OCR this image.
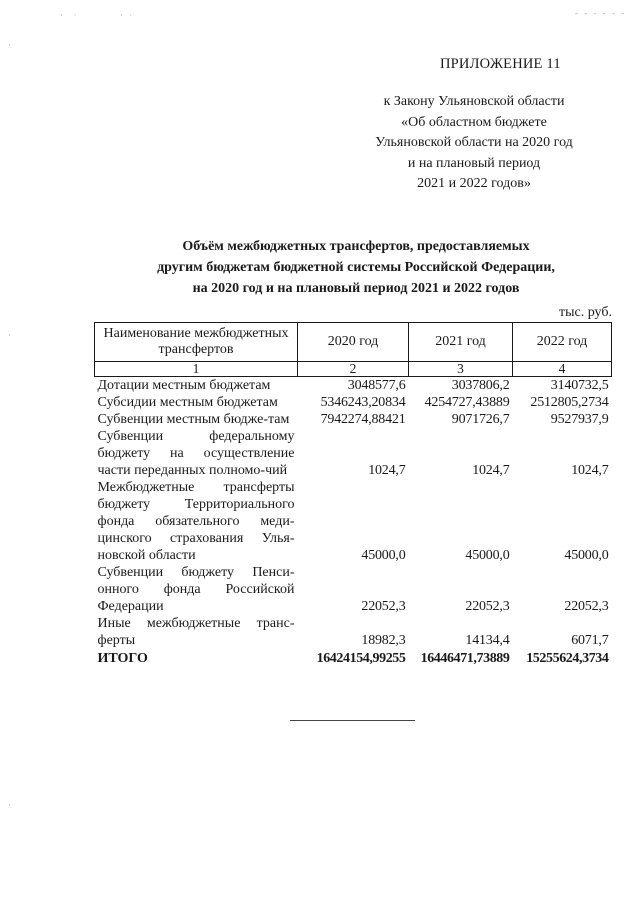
·  ·	· ·	- - - - - -
ПРИЛОЖЕНИЕ 11
к Закону Ульяновской области
«Об областном бюджете
Ульяновской области на 2020 год
и на плановый период
2021 и 2022 годов»
Объём межбюджетных трансфертов, предоставляемых
другим бюджетам бюджетной системы Российской Федерации,
на 2020 год и на плановый период 2021 и 2022 годов
тыс. руб.
Наименование межбюджетных трансфертов	2020 год	2021 год	2022 год
1	2	3	4
Дотации местным бюджетам	3048577,6	3037806,2	3140732,5
Субсидии местным бюджетам	5346243,20834	4254727,43889	2512805,2734
Субвенции местным бюдже-там	7942274,88421	9071726,7	9527937,9
Субвенции федеральному бюджету на осуществление части переданных полномо-чий	1024,7	1024,7	1024,7
Межбюджетные трансферты бюджету Территориального фонда обязательного меди-цинского страхования Улья-новской области	45000,0	45000,0	45000,0
Субвенции бюджету Пенси-онного фонда Российской Федерации	22052,3	22052,3	22052,3
Иные межбюджетные транс-ферты	18982,3	14134,4	6071,7
ИТОГО	16424154,99255	16446471,73889	15255624,3734
·
·
·
